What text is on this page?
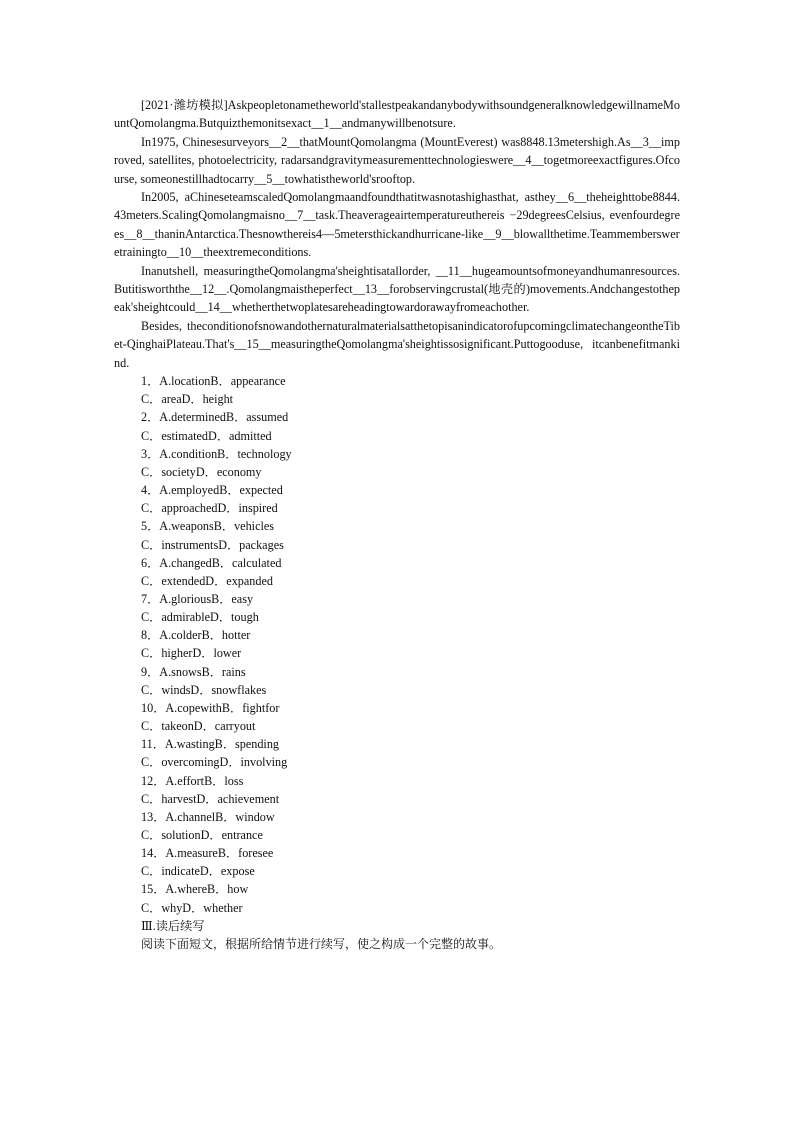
[2021·潍坊模拟]Askpeopletonametheworld'stallestpeakandanybodywithsoundgeneralknowledgewillnameMountQomolangma.Butquizthemonitsexact__1__andmanywillbenotsure.

In1975, Chinesesurveyors__2__thatMountQomolangma (MountEverest) was8848.13metershigh.As__3__improved, satellites, photoelectricity, radarsandgravitymeasurementtechnologieswere__4__togetmoreexactfigures.Ofcourse, someonestillhadtocarry__5__towhatistheworld'srooftop.

In2005, aChineseteamscaledQomolangmaandfoundthatitwasnotashighasthat, asthey__6__theheighttobe8844.43meters.ScalingQomolangmaisno__7__task.Theaverageairtemperatureuthereis −29degreesCelsius, evenfourdegrees__8__thaninAntarctica.Thesnowthereis4—5metersthickandhurricane-like__9__blowallthetime.Teammembersweretrainingto__10__theextremeconditions.

Inanutshell, measuringtheQomolangma'sheightisatallorder, __11__hugeamountsofmoneyandhumanresources.Butitisworththe__12__.Qomolangmaistheperfect__13__forobservingcrustal(地壳的)movements.Andchangestothepeak'sheightcould__14__whetherthetwoplatesareheadingtowardorawayfromeachother.

Besides, theconditionofsnowandothernaturalmaterialsatthetopisanindicatorofupcomingclimatechangeontheTibet-QinghaiPlateau.That's__15__measuringtheQomolangma'sheightissosignificant.Puttogooduse, itcanbenefitmankind.

1．A.locationB．appearance

C．areaD．height

2．A.determinedB．assumed

C．estimatedD．admitted

3．A.conditionB．technology

C．societyD．economy

4．A.employedB．expected

C．approachedD．inspired

5．A.weaponsB．vehicles

C．instrumentsD．packages

6．A.changedB．calculated

C．extendedD．expanded

7．A.gloriousB．easy

C．admirableD．tough

8．A.colderB．hotter

C．higherD．lower

9．A.snowsB．rains

C．windsD．snowflakes

10．A.copewithB．fightfor

C．takeonD．carryout

11．A.wastingB．spending

C．overcomingD．involving

12．A.effortB．loss

C．harvestD．achievement

13．A.channelB．window

C．solutionD．entrance

14．A.measureB．foresee

C．indicateD．expose

15．A.whereB．how

C．whyD．whether

Ⅲ.读后续写

阅读下面短文，根据所给情节进行续写，使之构成一个完整的故事。
